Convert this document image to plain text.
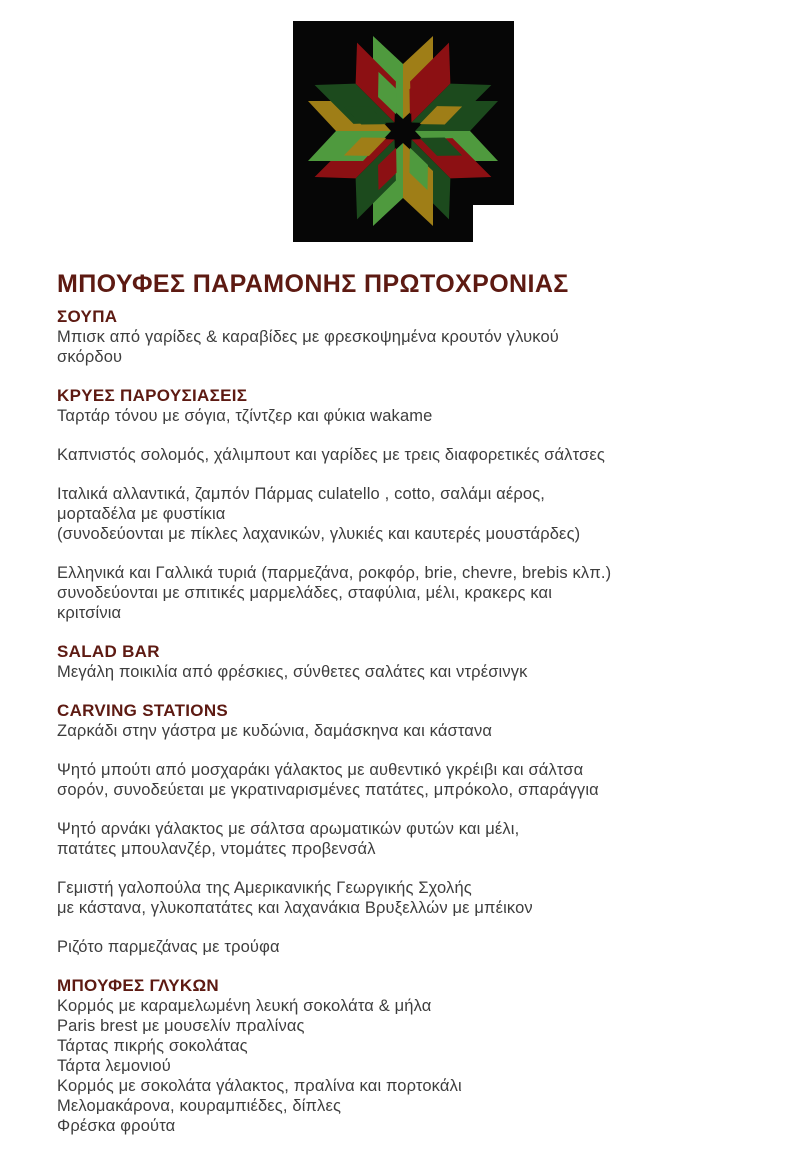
ΜΠΟΥΦΕΣ ΠΑΡΑΜΟΝΗΣ ΠΡΩΤΟΧΡΟΝΙΑΣ
ΣΟΥΠΑ
Μπισκ από γαρίδες & καραβίδες με φρεσκοψημένα κρουτόν γλυκού
σκόρδου
ΚΡΥΕΣ ΠΑΡΟΥΣΙΑΣΕΙΣ
Ταρτάρ τόνου με σόγια, τζίντζερ και φύκια wakame
Καπνιστός σολομός, χάλιμπουτ και γαρίδες με τρεις διαφορετικές σάλτσες
Ιταλικά αλλαντικά, ζαμπόν Πάρμας culatello , cotto, σαλάμι αέρος,
μορταδέλα με φυστίκια
(συνοδεύονται με πίκλες λαχανικών, γλυκιές και καυτερές μουστάρδες)
Ελληνικά και Γαλλικά τυριά (παρμεζάνα, ροκφόρ, brie, chevre, brebis κλπ.)
συνοδεύονται με σπιτικές μαρμελάδες, σταφύλια, μέλι, κρακερς και
κριτσίνια
SALAD BAR
Μεγάλη ποικιλία από φρέσκιες, σύνθετες σαλάτες και ντρέσινγκ
CARVING STATIONS
Ζαρκάδι στην γάστρα με κυδώνια, δαμάσκηνα και κάστανα
Ψητό μπούτι από μοσχαράκι γάλακτος με αυθεντικό γκρέιβι και σάλτσα
σορόν, συνοδεύεται με γκρατιναρισμένες πατάτες, μπρόκολο, σπαράγγια
Ψητό αρνάκι γάλακτος με σάλτσα αρωματικών φυτών και μέλι,
πατάτες μπουλανζέρ, ντομάτες προβενσάλ
Γεμιστή γαλοπούλα της Αμερικανικής Γεωργικής Σχολής
με κάστανα, γλυκοπατάτες και λαχανάκια Βρυξελλών με μπέικον
Ριζότο παρμεζάνας με τρούφα
ΜΠΟΥΦΕΣ ΓΛΥΚΩΝ
Κορμός με καραμελωμένη λευκή σοκολάτα & μήλα
Paris brest με μουσελίν πραλίνας
Τάρτας πικρής σοκολάτας
Τάρτα λεμονιού
Κορμός με σοκολάτα γάλακτος, πραλίνα και πορτοκάλι
Μελομακάρονα, κουραμπιέδες, δίπλες
Φρέσκα φρούτα
